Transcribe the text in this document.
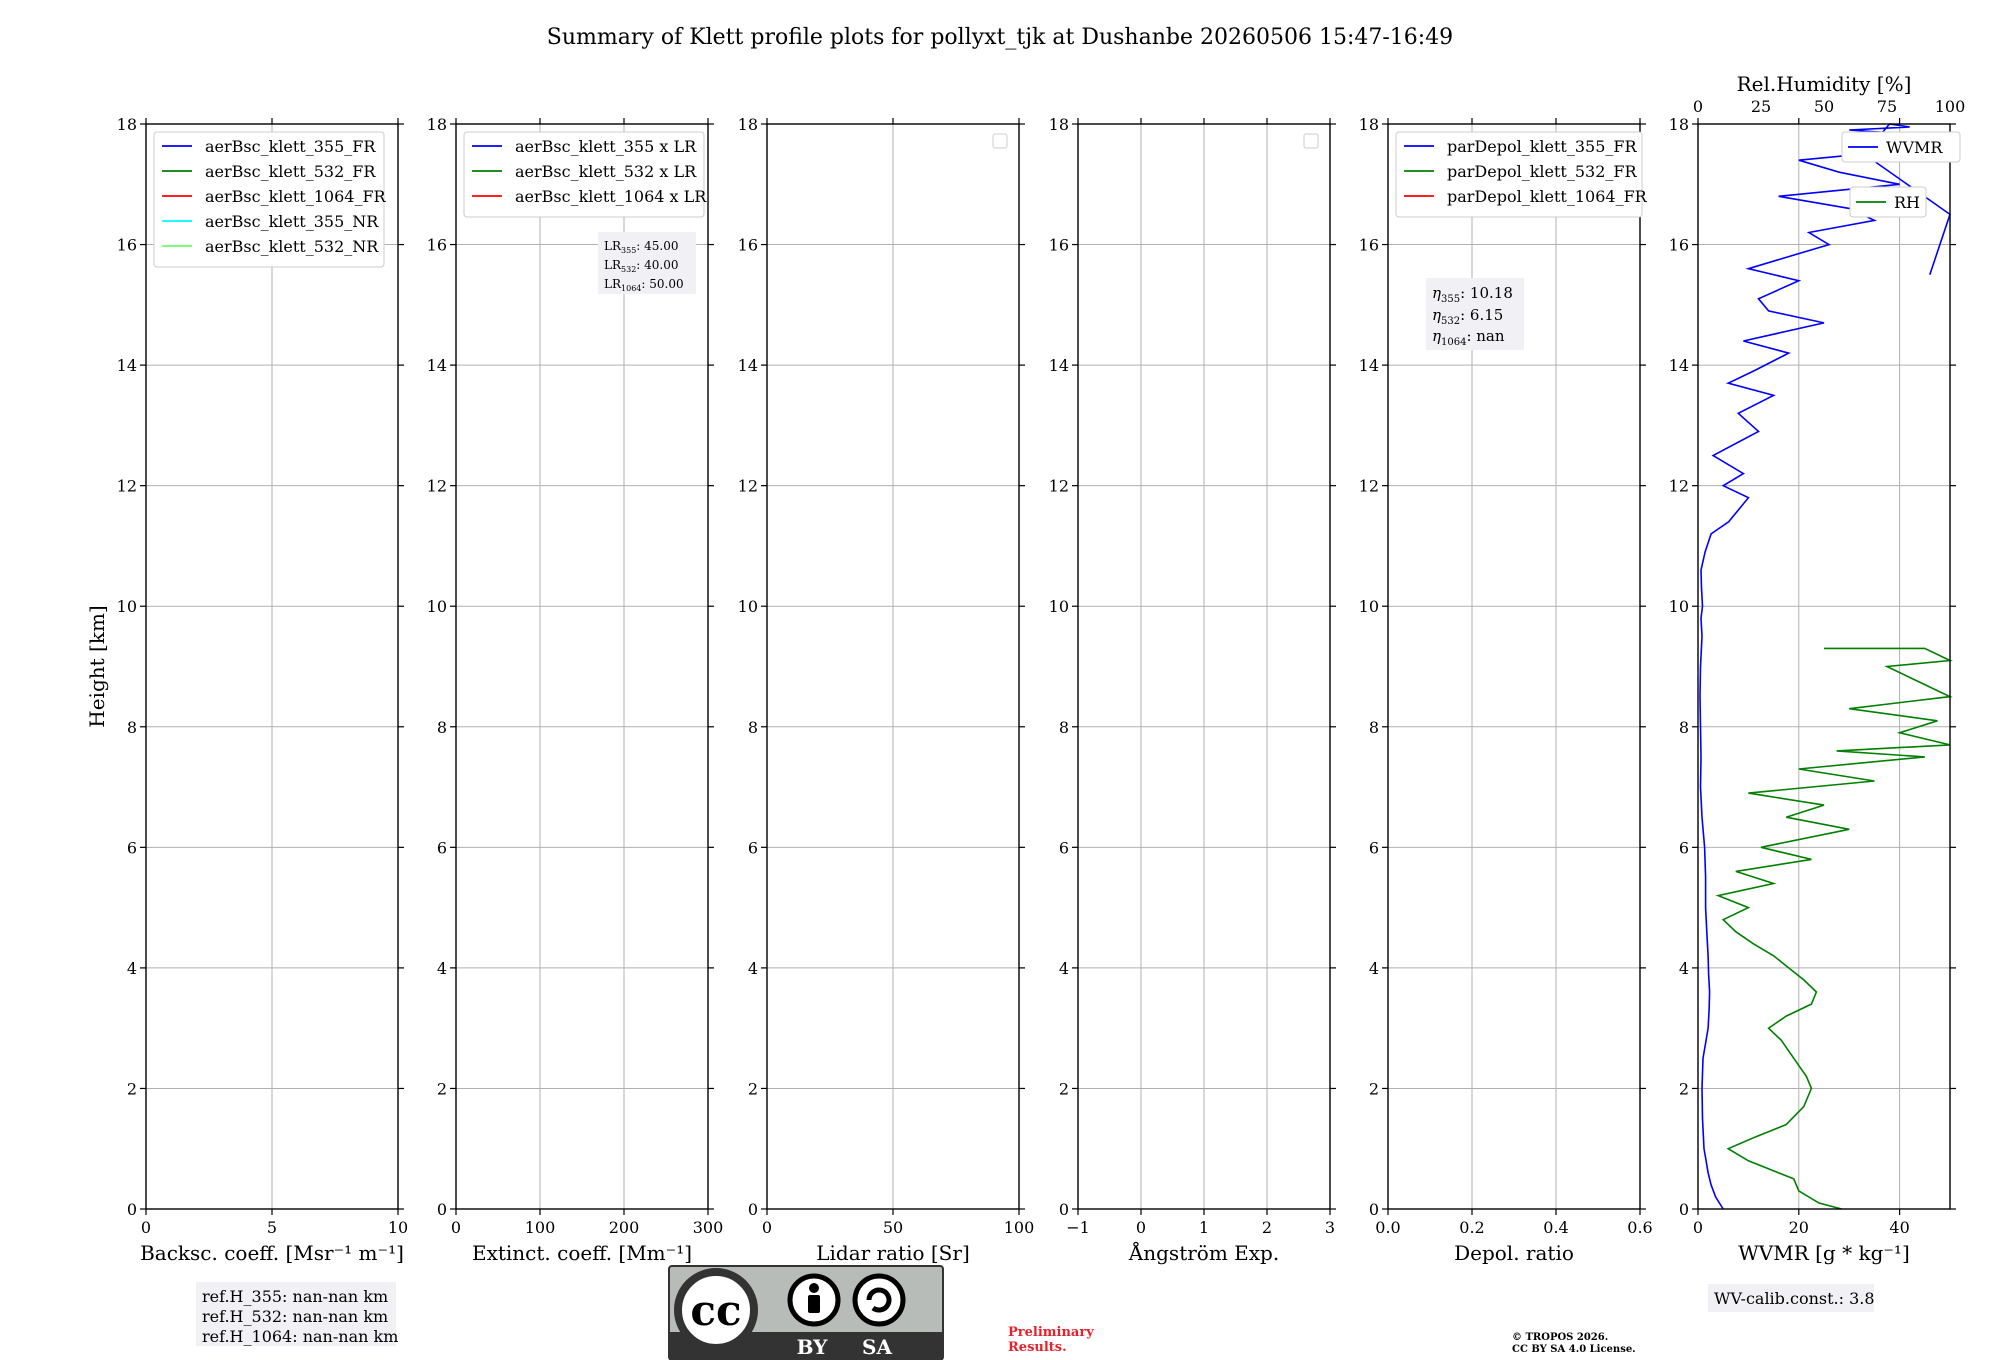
Summary of Klett profile plots for pollyxt_tjk at Dushanbe 20260506 15:47-16:49
0
2
4
6
8
10
12
14
16
18
0	5	10
Backsc. coeff. [Msr⁻¹ m⁻¹]
Height [km]
aerBsc_klett_355_FR
aerBsc_klett_532_FR
aerBsc_klett_1064_FR
aerBsc_klett_355_NR
aerBsc_klett_532_NR
0
2
4
6
8
10
12
14
16
18
0	100	200	300
Extinct. coeff. [Mm⁻¹]
aerBsc_klett_355 x LR
aerBsc_klett_532 x LR
aerBsc_klett_1064 x LR
0
2
4
6
8
10
12
14
16
18
0	50	100
Lidar ratio [Sr]
0
2
4
6
8
10
12
14
16
18
−1	0	1	2	3
Ångström Exp.
0
2
4
6
8
10
12
14
16
18
0.0	0.2	0.4	0.6
Depol. ratio
parDepol_klett_355_FR
parDepol_klett_532_FR
parDepol_klett_1064_FR
0
2
4
6
8
10
12
14
16
18
0	20	40
WVMR [g * kg⁻¹]
0	25	50	75 100
Rel.Humidity [%]
WVMR
RH
$LR_{355}$: 45.00
$LR_{532}$: 40.00
$LR_{1064}$: 50.00	$\eta_{355}$: 10.18
$\eta_{532}$: 6.15
$\eta_{1064}$: nan
ref.H_355: nan-nan km
ref.H_532: nan-nan km
ref.H_1064: nan-nan km
cc
BY SA
Preliminary
Results.
© TROPOS 2026.
CC BY SA 4.0 License.
WV-calib.const.: 3.8
